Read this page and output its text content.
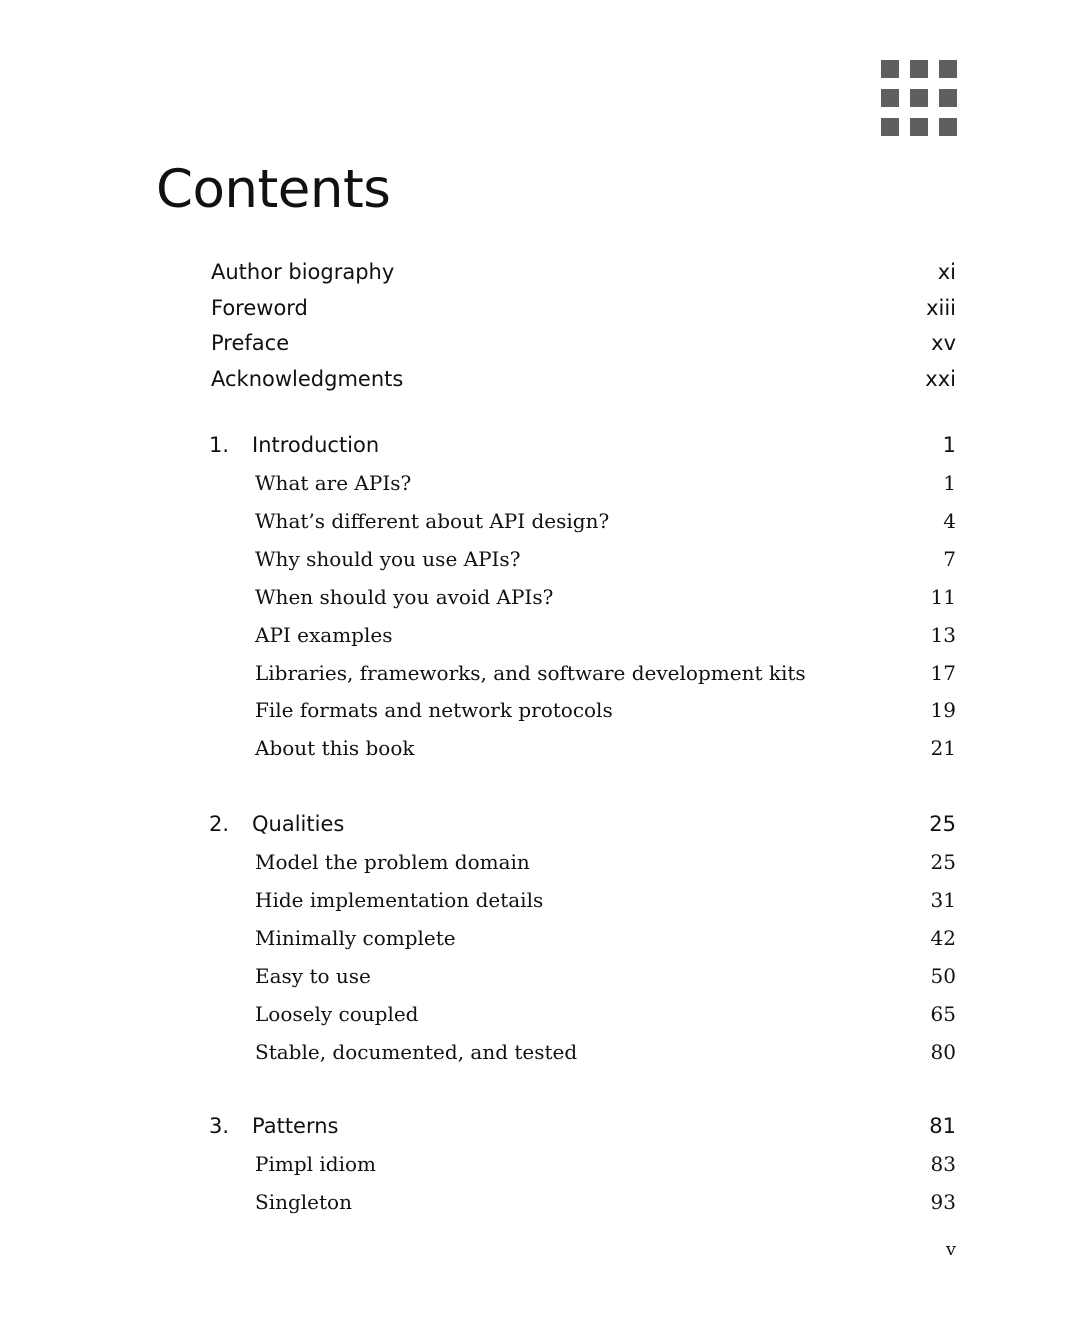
Contents
Author biography	xi
Foreword	xiii
Preface	xv
Acknowledgments	xxi
1. Introduction	1
What are APIs?	1
What’s different about API design?	4
Why should you use APIs?	7
When should you avoid APIs?	11
API examples	13
Libraries, frameworks, and software development kits	17
File formats and network protocols	19
About this book	21
2. Qualities	25
Model the problem domain	25
Hide implementation details	31
Minimally complete	42
Easy to use	50
Loosely coupled	65
Stable, documented, and tested	80
3. Patterns	81
Pimpl idiom	83
Singleton	93
v
